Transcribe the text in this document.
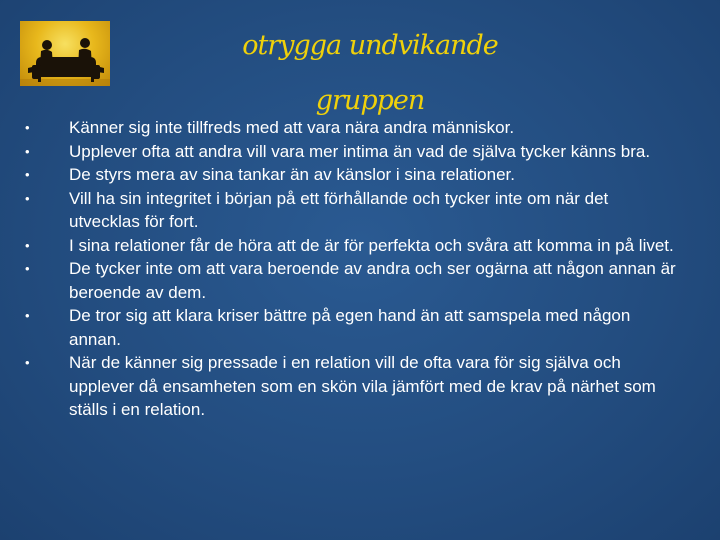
otrygga undvikande
gruppen
• Känner sig inte tillfreds med att vara nära andra människor.
• Upplever ofta att andra vill vara mer intima än vad de själva tycker känns bra.
• De styrs mera av sina tankar än av känslor i sina relationer.
• Vill ha sin integritet i början på ett förhållande och tycker inte om när det utvecklas för fort.
• I sina relationer får de höra att de är för perfekta och svåra att komma in på livet.
• De tycker inte om att vara beroende av andra och ser ogärna att någon annan är beroende av dem.
• De tror sig att klara kriser bättre på egen hand än att samspela med någon annan.
• När de känner sig pressade i en relation vill de ofta vara för sig själva och upplever då ensamheten som en skön vila jämfört med de krav på närhet som ställs i en relation.
